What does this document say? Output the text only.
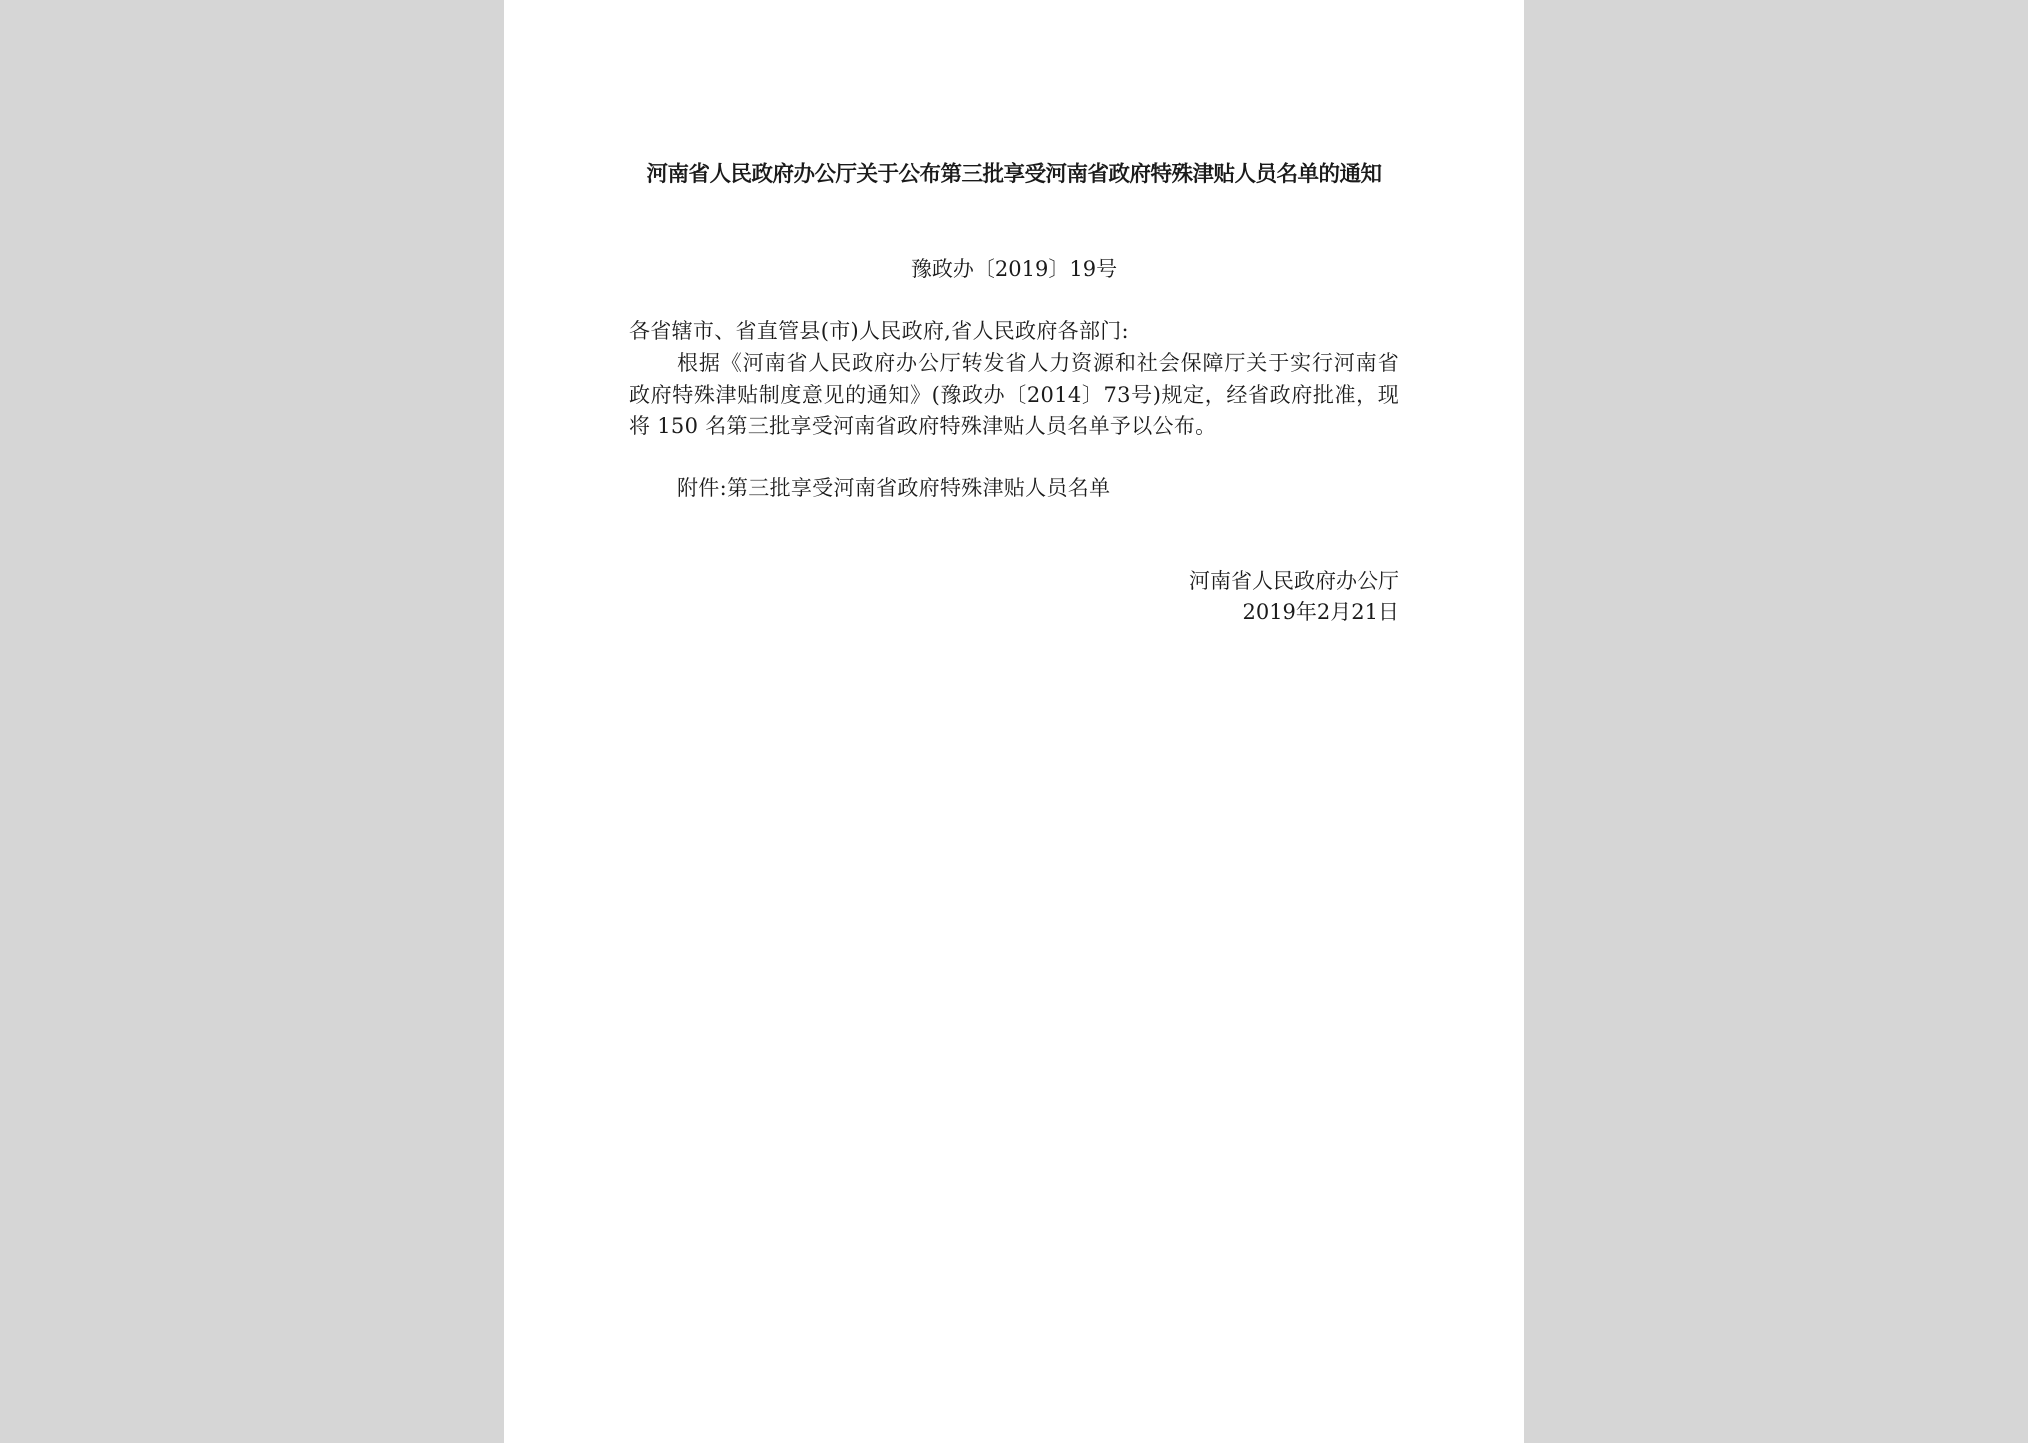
河南省人民政府办公厅关于公布第三批享受河南省政府特殊津贴人员名单的通知
豫政办〔2019〕19号
各省辖市、省直管县(市)人民政府,省人民政府各部门:
根据《河南省人民政府办公厅转发省人力资源和社会保障厅关于实行河南省政府特殊津贴制度意见的通知》(豫政办〔2014〕73号)规定，经省政府批准，现将 150 名第三批享受河南省政府特殊津贴人员名单予以公布。
附件:第三批享受河南省政府特殊津贴人员名单
河南省人民政府办公厅
2019年2月21日
